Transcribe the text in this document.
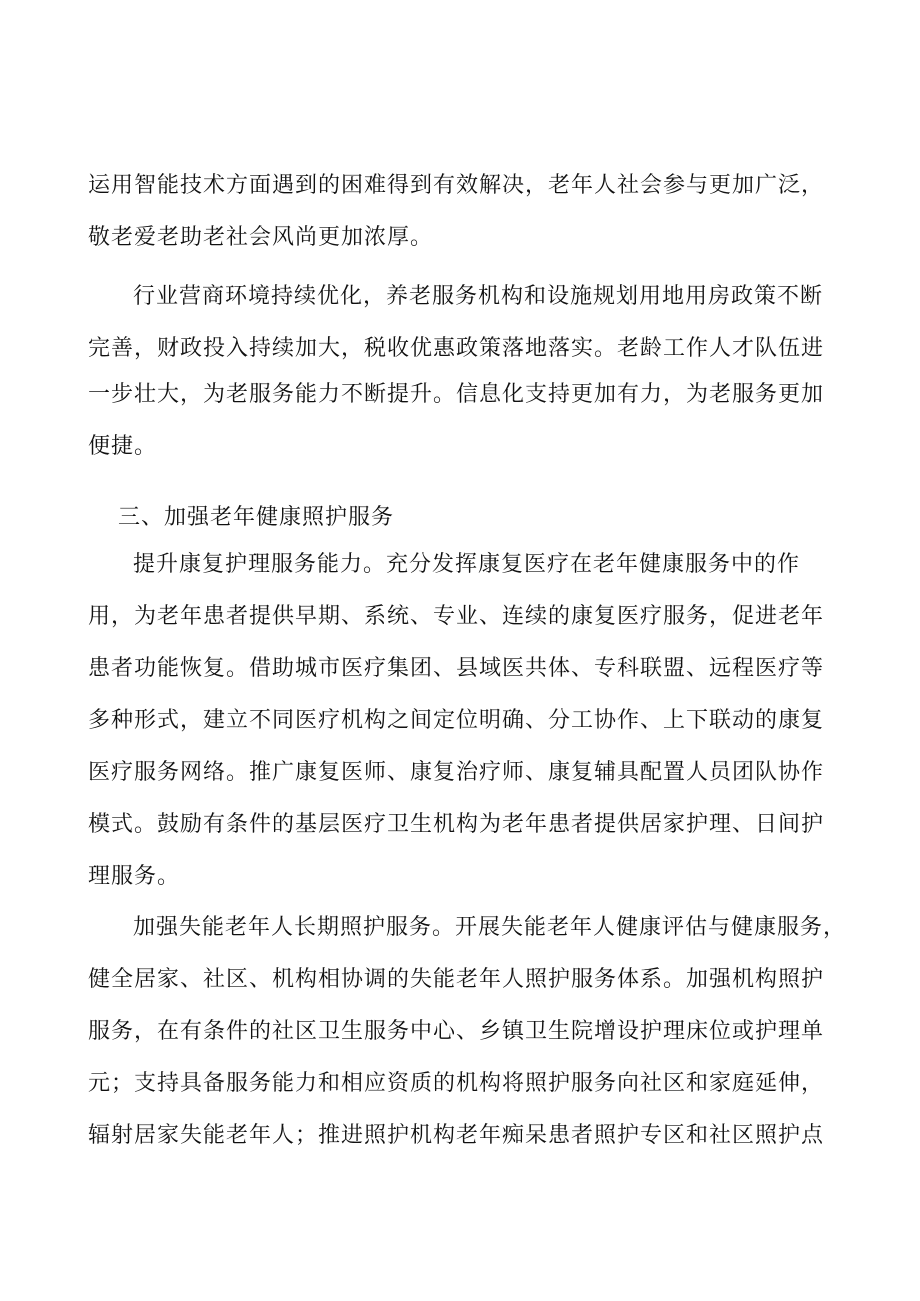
运用智能技术方面遇到的困难得到有效解决，老年人社会参与更加广泛，
敬老爱老助老社会风尚更加浓厚。
行业营商环境持续优化，养老服务机构和设施规划用地用房政策不断
完善，财政投入持续加大，税收优惠政策落地落实。老龄工作人才队伍进
一步壮大，为老服务能力不断提升。信息化支持更加有力，为老服务更加
便捷。
三、加强老年健康照护服务
提升康复护理服务能力。充分发挥康复医疗在老年健康服务中的作
用，为老年患者提供早期、系统、专业、连续的康复医疗服务，促进老年
患者功能恢复。借助城市医疗集团、县域医共体、专科联盟、远程医疗等
多种形式，建立不同医疗机构之间定位明确、分工协作、上下联动的康复
医疗服务网络。推广康复医师、康复治疗师、康复辅具配置人员团队协作
模式。鼓励有条件的基层医疗卫生机构为老年患者提供居家护理、日间护
理服务。
加强失能老年人长期照护服务。开展失能老年人健康评估与健康服务，
健全居家、社区、机构相协调的失能老年人照护服务体系。加强机构照护
服务，在有条件的社区卫生服务中心、乡镇卫生院增设护理床位或护理单
元；支持具备服务能力和相应资质的机构将照护服务向社区和家庭延伸，
辐射居家失能老年人；推进照护机构老年痴呆患者照护专区和社区照护点
